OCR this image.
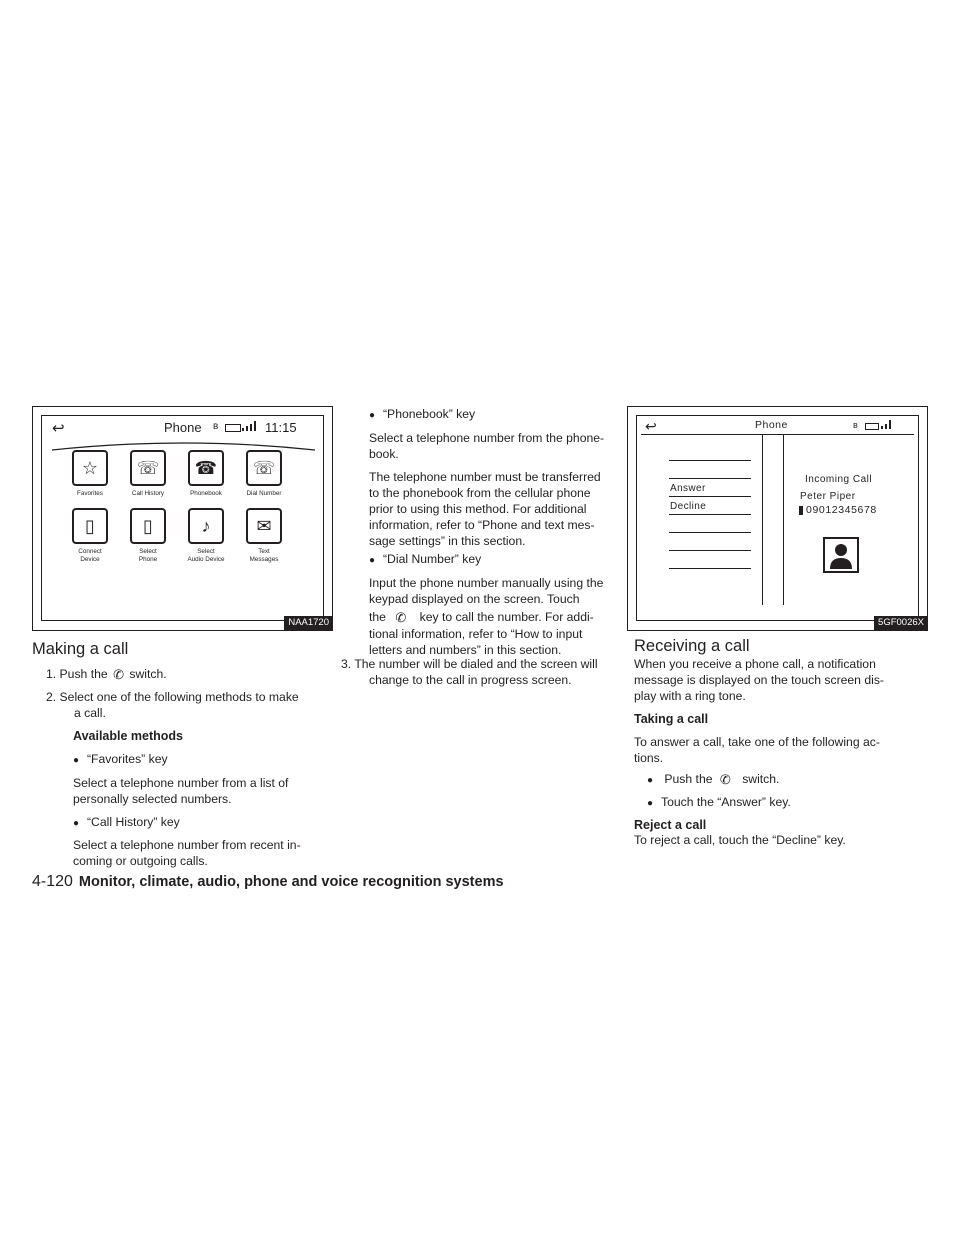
↩	Phone ʙ	11:15
☆
Favorites
☏
Call History
☎
Phonebook
☏
Dial Number
▯
Connect
Device
▯
Select
Phone
♪
Select
Audio Device
✉
Text
Messages
NAA1720
↩	Phone	ʙ
Answer
Decline
Incoming Call
Peter Piper
09012345678
5GF0026X
Making a call
1. Push the ✆ switch.
2. Select one of the following methods to make
a call.
Available methods
● “Favorites” key
Select a telephone number from a list of
personally selected numbers.
● “Call History” key
Select a telephone number from recent in-
coming or outgoing calls.
● “Phonebook” key
Select a telephone number from the phone-
book.
The telephone number must be transferred
to the phonebook from the cellular phone
prior to using this method. For additional
information, refer to “Phone and text mes-
sage settings” in this section.
● “Dial Number” key
Input the phone number manually using the
keypad displayed on the screen. Touch
the ✆ key to call the number. For addi-
tional information, refer to “How to input
letters and numbers” in this section.
3. The number will be dialed and the screen will
change to the call in progress screen.
Receiving a call
When you receive a phone call, a notification
message is displayed on the touch screen dis-
play with a ring tone.
Taking a call
To answer a call, take one of the following ac-
tions.
● Push the ✆ switch.
● Touch the “Answer” key.
Reject a call
To reject a call, touch the “Decline” key.
4-120 Monitor, climate, audio, phone and voice recognition systems
